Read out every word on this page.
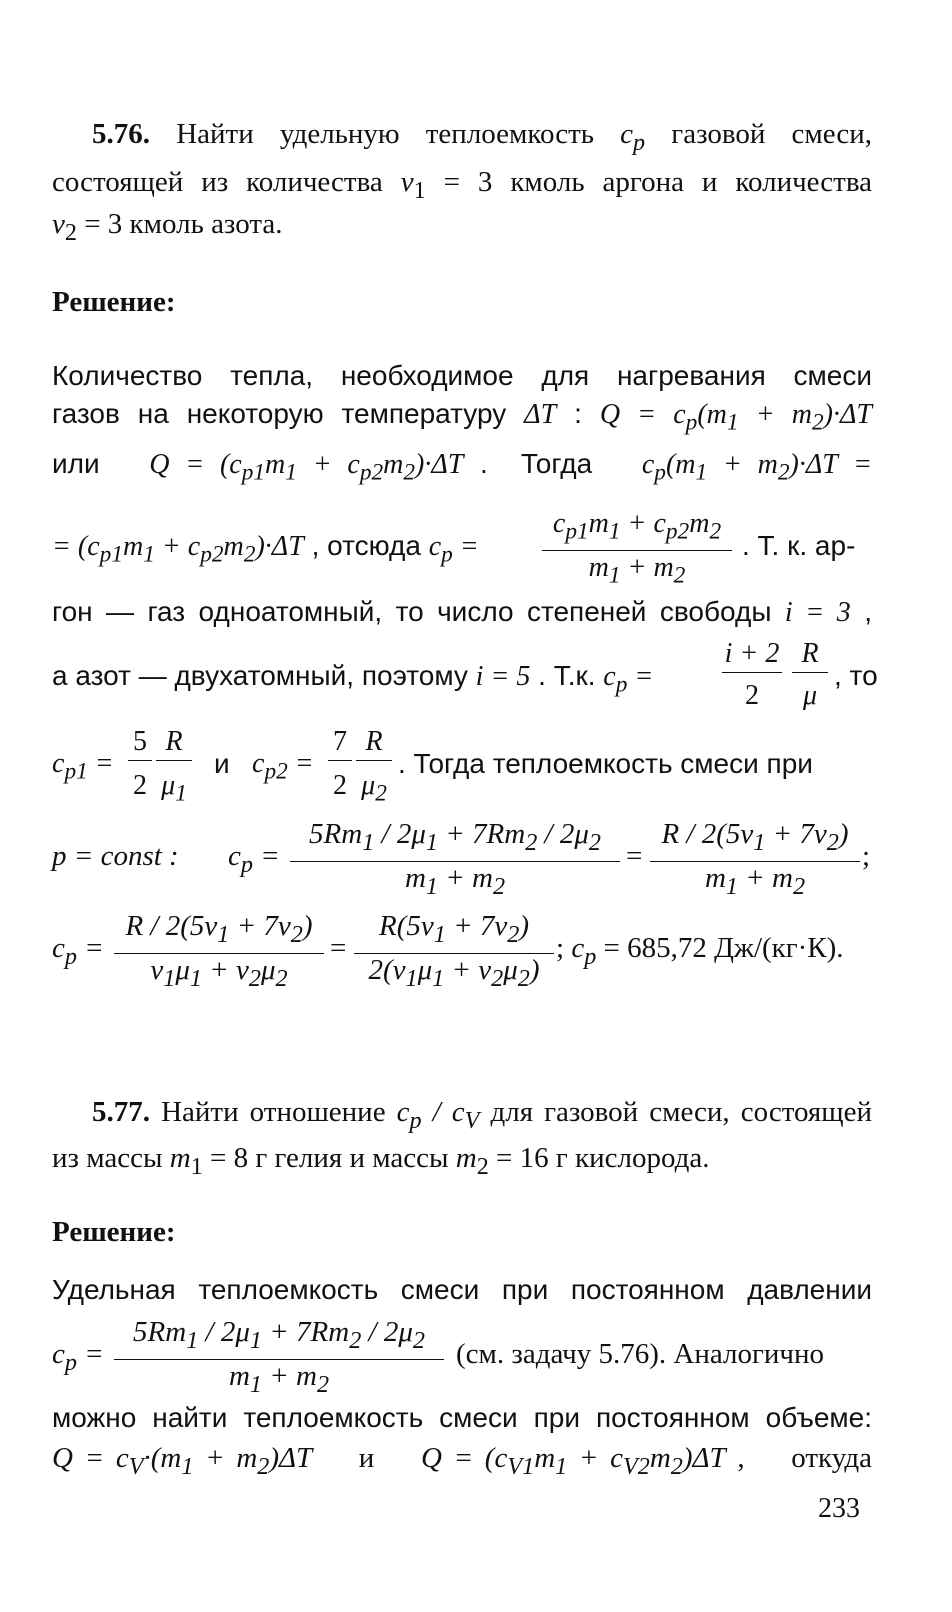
5.76. Найти удельную теплоемкость $c_p$ газовой смеси,
состоящей из количества $\nu_1 = 3$ кмоль аргона и количества
$\nu_2 = 3$ кмоль азота.
Решение:
Количество тепла, необходимое для нагревания смеси
газов на некоторую температуру ΔT : $Q = c_p(m_1 + m_2)\cdot\Delta T$
или   $Q = (c_{p1}m_1 + c_{p2}m_2)\cdot\Delta T$ .  Тогда   $c_p(m_1 + m_2)\cdot\Delta T$ =
= $(c_{p1}m_1 + c_{p2}m_2)\cdot\Delta T$ , отсюда $c_p$ =
$c_{p1}m_1 + c_{p2}m_2$
$m_1 + m_2$
. Т. к. ар-
гон — газ одноатомный, то число степеней свободы i = 3 ,
а азот — двухатомный, поэтому i = 5 . Т.к. $c_p$ =
i + 2
2
R
μ
, то
$c_{p1}$ =
5
2
R
$\mu_1$
и $c_{p2}$ =
7
2
R
$\mu_2$
. Тогда теплоемкость смеси при
p = const : $c_p$ =
$5Rm_1 / 2\mu_1 + 7Rm_2 / 2\mu_2$
$m_1 + m_2$
=
$R / 2(5\nu_1 + 7\nu_2)$
$m_1 + m_2$
;
$c_p$ =
$R / 2(5\nu_1 + 7\nu_2)$
$\nu_1\mu_1 + \nu_2\mu_2$
=
$R(5\nu_1 + 7\nu_2)$
$2(\nu_1\mu_1 + \nu_2\mu_2)$
; $c_p = 685,72$ Дж/(кг·К).
5.77. Найти отношение $c_p / c_V$ для газовой смеси, состоящей
из массы $m_1 = 8$ г гелия и массы $m_2 = 16$ г кислорода.
Решение:
Удельная теплоемкость смеси при постоянном давлении
$c_p$ =
$5Rm_1 / 2\mu_1 + 7Rm_2 / 2\mu_2$
$m_1 + m_2$
(см. задачу 5.76). Аналогично
можно найти теплоемкость смеси при постоянном объеме:
$Q = c_V\cdot(m_1 + m_2)\Delta T$    и    $Q = (c_{V1}m_1 + c_{V2}m_2)\Delta T$ ,    откуда
233
